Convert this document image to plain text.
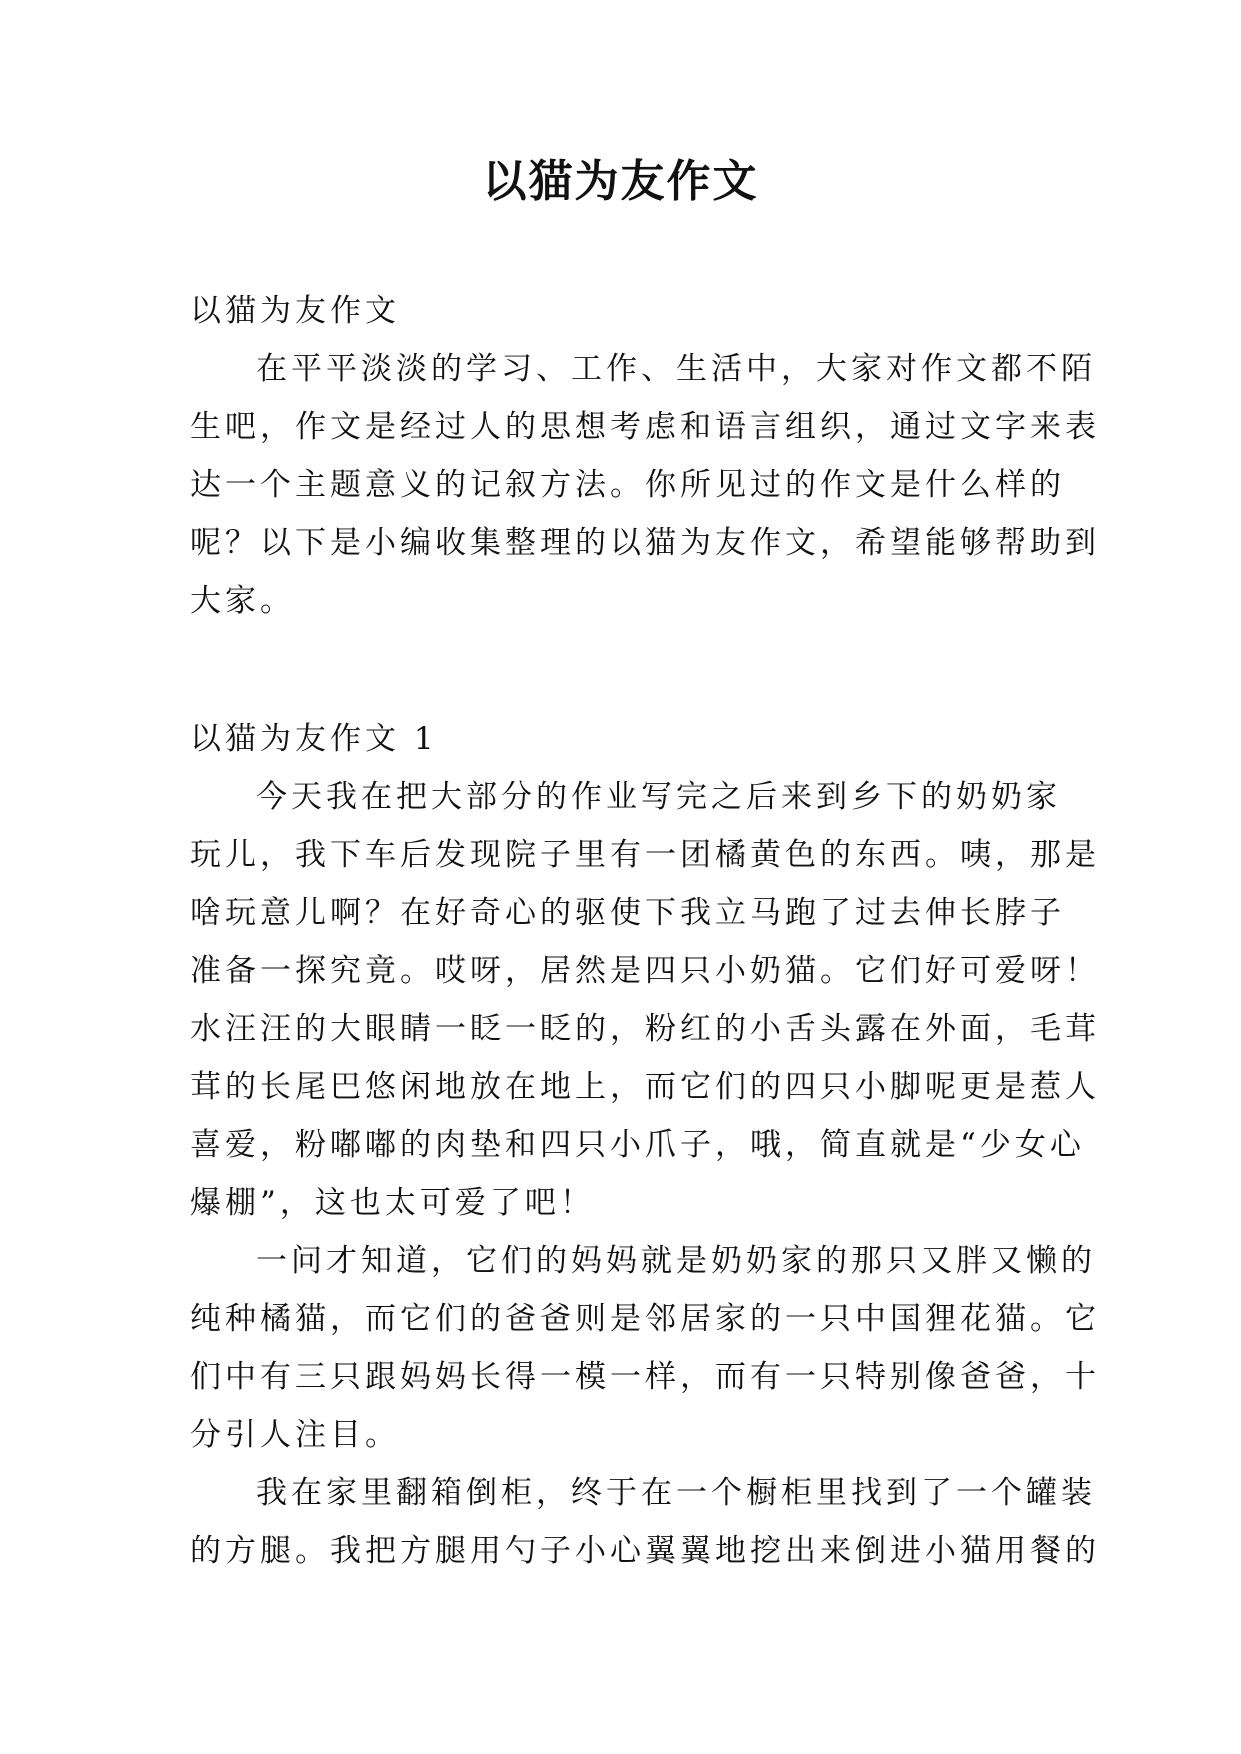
以猫为友作文

以猫为友作文

在平平淡淡的学习、工作、生活中，大家对作文都不陌

生吧，作文是经过人的思想考虑和语言组织，通过文字来表

达一个主题意义的记叙方法。你所见过的作文是什么样的

呢？以下是小编收集整理的以猫为友作文，希望能够帮助到

大家。

以猫为友作文 1

今天我在把大部分的作业写完之后来到乡下的奶奶家

玩儿，我下车后发现院子里有一团橘黄色的东西。咦，那是

啥玩意儿啊？在好奇心的驱使下我立马跑了过去伸长脖子

准备一探究竟。哎呀，居然是四只小奶猫。它们好可爱呀！

水汪汪的大眼睛一眨一眨的，粉红的小舌头露在外面，毛茸

茸的长尾巴悠闲地放在地上，而它们的四只小脚呢更是惹人

喜爱，粉嘟嘟的肉垫和四只小爪子，哦，简直就是“少女心

爆棚”，这也太可爱了吧！

一问才知道，它们的妈妈就是奶奶家的那只又胖又懒的

纯种橘猫，而它们的爸爸则是邻居家的一只中国狸花猫。它

们中有三只跟妈妈长得一模一样，而有一只特别像爸爸，十

分引人注目。

我在家里翻箱倒柜，终于在一个橱柜里找到了一个罐装

的方腿。我把方腿用勺子小心翼翼地挖出来倒进小猫用餐的
